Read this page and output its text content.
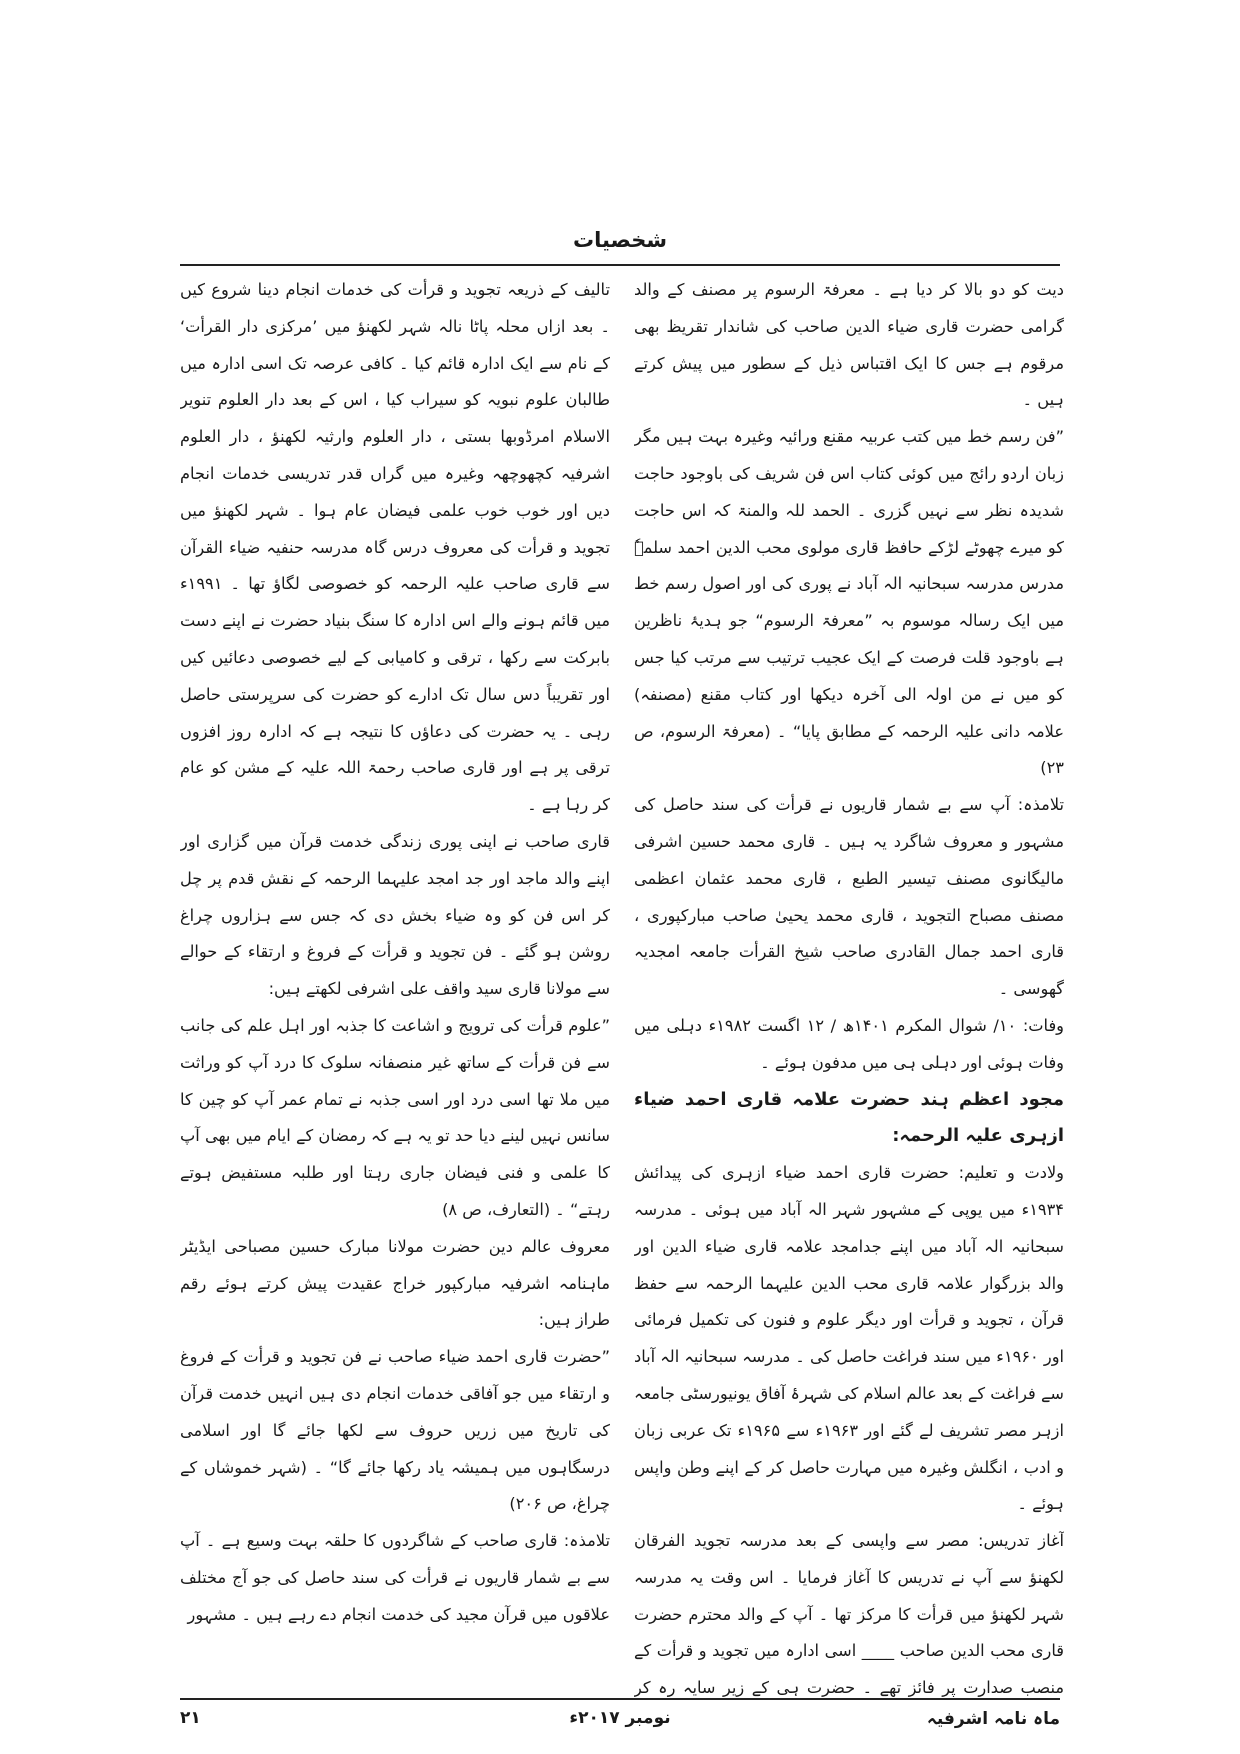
شخصیات

دیت کو دو بالا کر دیا ہے ۔ معرفۃ الرسوم پر مصنف کے والد گرامی حضرت قاری ضیاء الدین صاحب کی شاندار تقریظ بھی مرقوم ہے جس کا ایک اقتباس ذیل کے سطور میں پیش کرتے ہیں ۔

”فن رسم خط میں کتب عربیہ مقنع ورائیہ وغیرہ بہت ہیں مگر زبان اردو رائج میں کوئی کتاب اس فن شریف کی باوجود حاجت شدیدہ نظر سے نہیں گزری ۔ الحمد للہ والمنۃ کہ اس حاجت کو میرے چھوٹے لڑکے حافظ قاری مولوی محب الدین احمد سلمہٗ مدرس مدرسہ سبحانیہ الہ آباد نے پوری کی اور اصول رسم خط میں ایک رسالہ موسوم بہ ”معرفۃ الرسوم“ جو ہدیۂ ناظرین ہے باوجود قلت فرصت کے ایک عجیب ترتیب سے مرتب کیا جس کو میں نے من اولہ الی آخرہ دیکھا اور کتاب مقنع (مصنفہ) علامہ دانی علیہ الرحمہ کے مطابق پایا“ ۔ (معرفۃ الرسوم، ص ۲۳)

تلامذہ: آپ سے بے شمار قاریوں نے قرأت کی سند حاصل کی مشہور و معروف شاگرد یہ ہیں ۔ قاری محمد حسین اشرفی مالیگانوی مصنف تیسیر الطبع ، قاری محمد عثمان اعظمی مصنف مصباح التجوید ، قاری محمد یحییٰ صاحب مبارکپوری ، قاری احمد جمال القادری صاحب شیخ القرأت جامعہ امجدیہ گھوسی ۔

وفات: ۱۰/ شوال المکرم ۱۴۰۱ھ / ۱۲ اگست ۱۹۸۲ء دہلی میں وفات ہوئی اور دہلی ہی میں مدفون ہوئے ۔

مجود اعظم ہند حضرت علامہ قاری احمد ضیاء ازہری علیہ الرحمہ:

ولادت و تعلیم: حضرت قاری احمد ضیاء ازہری کی پیدائش ۱۹۳۴ء میں یوپی کے مشہور شہر الہ آباد میں ہوئی ۔ مدرسہ سبحانیہ الہ آباد میں اپنے جدامجد علامہ قاری ضیاء الدین اور والد بزرگوار علامہ قاری محب الدین علیہما الرحمہ سے حفظ قرآن ، تجوید و قرأت اور دیگر علوم و فنون کی تکمیل فرمائی اور ۱۹۶۰ء میں سند فراغت حاصل کی ۔ مدرسہ سبحانیہ الہ آباد سے فراغت کے بعد عالم اسلام کی شہرۂ آفاق یونیورسٹی جامعہ ازہر مصر تشریف لے گئے اور ۱۹۶۳ء سے ۱۹۶۵ء تک عربی زبان و ادب ، انگلش وغیرہ میں مہارت حاصل کر کے اپنے وطن واپس ہوئے ۔

آغاز تدریس: مصر سے واپسی کے بعد مدرسہ تجوید الفرقان لکھنؤ سے آپ نے تدریس کا آغاز فرمایا ۔ اس وقت یہ مدرسہ شہر لکھنؤ میں قرأت کا مرکز تھا ۔ آپ کے والد محترم حضرت قاری محب الدین صاحب ____ اسی ادارہ میں تجوید و قرأت کے منصب صدارت پر فائز تھے ۔ حضرت ہی کے زیر سایہ رہ کر

تالیف کے ذریعہ تجوید و قرأت کی خدمات انجام دینا شروع کیں ۔ بعد ازاں محلہ پاٹا نالہ شہر لکھنؤ میں ’مرکزی دار القرأت‘ کے نام سے ایک ادارہ قائم کیا ۔ کافی عرصہ تک اسی ادارہ میں طالبان علوم نبویہ کو سیراب کیا ، اس کے بعد دار العلوم تنویر الاسلام امرڈوبھا بستی ، دار العلوم وارثیہ لکھنؤ ، دار العلوم اشرفیہ کچھوچھہ وغیرہ میں گراں قدر تدریسی خدمات انجام دیں اور خوب خوب علمی فیضان عام ہوا ۔ شہر لکھنؤ میں تجوید و قرأت کی معروف درس گاہ مدرسہ حنفیہ ضیاء القرآن سے قاری صاحب علیہ الرحمہ کو خصوصی لگاؤ تھا ۔ ۱۹۹۱ء میں قائم ہونے والے اس ادارہ کا سنگ بنیاد حضرت نے اپنے دست بابرکت سے رکھا ، ترقی و کامیابی کے لیے خصوصی دعائیں کیں اور تقریباً دس سال تک ادارے کو حضرت کی سرپرستی حاصل رہی ۔ یہ حضرت کی دعاؤں کا نتیجہ ہے کہ ادارہ روز افزوں ترقی پر ہے اور قاری صاحب رحمۃ اللہ علیہ کے مشن کو عام کر رہا ہے ۔

قاری صاحب نے اپنی پوری زندگی خدمت قرآن میں گزاری اور اپنے والد ماجد اور جد امجد علیہما الرحمہ کے نقش قدم پر چل کر اس فن کو وہ ضیاء بخش دی کہ جس سے ہزاروں چراغ روشن ہو گئے ۔ فن تجوید و قرأت کے فروغ و ارتقاء کے حوالے سے مولانا قاری سید واقف علی اشرفی لکھتے ہیں:

”علوم قرأت کی ترویج و اشاعت کا جذبہ اور اہل علم کی جانب سے فن قرأت کے ساتھ غیر منصفانہ سلوک کا درد آپ کو وراثت میں ملا تھا اسی درد اور اسی جذبہ نے تمام عمر آپ کو چین کا سانس نہیں لینے دیا حد تو یہ ہے کہ رمضان کے ایام میں بھی آپ کا علمی و فنی فیضان جاری رہتا اور طلبہ مستفیض ہوتے رہتے“ ۔ (التعارف، ص ۸)

معروف عالم دین حضرت مولانا مبارک حسین مصباحی ایڈیٹر ماہنامہ اشرفیہ مبارکپور خراج عقیدت پیش کرتے ہوئے رقم طراز ہیں:

”حضرت قاری احمد ضیاء صاحب نے فن تجوید و قرأت کے فروغ و ارتقاء میں جو آفاقی خدمات انجام دی ہیں انہیں خدمت قرآن کی تاریخ میں زریں حروف سے لکھا جائے گا اور اسلامی درسگاہوں میں ہمیشہ یاد رکھا جائے گا“ ۔ (شہر خموشاں کے چراغ، ص ۲۰۶)

تلامذہ: قاری صاحب کے شاگردوں کا حلقہ بہت وسیع ہے ۔ آپ سے بے شمار قاریوں نے قرأت کی سند حاصل کی جو آج مختلف علاقوں میں قرآن مجید کی خدمت انجام دے رہے ہیں ۔ مشہور

ماہ نامہ اشرفیہ
نومبر ۲۰۱۷ء
۲۱
